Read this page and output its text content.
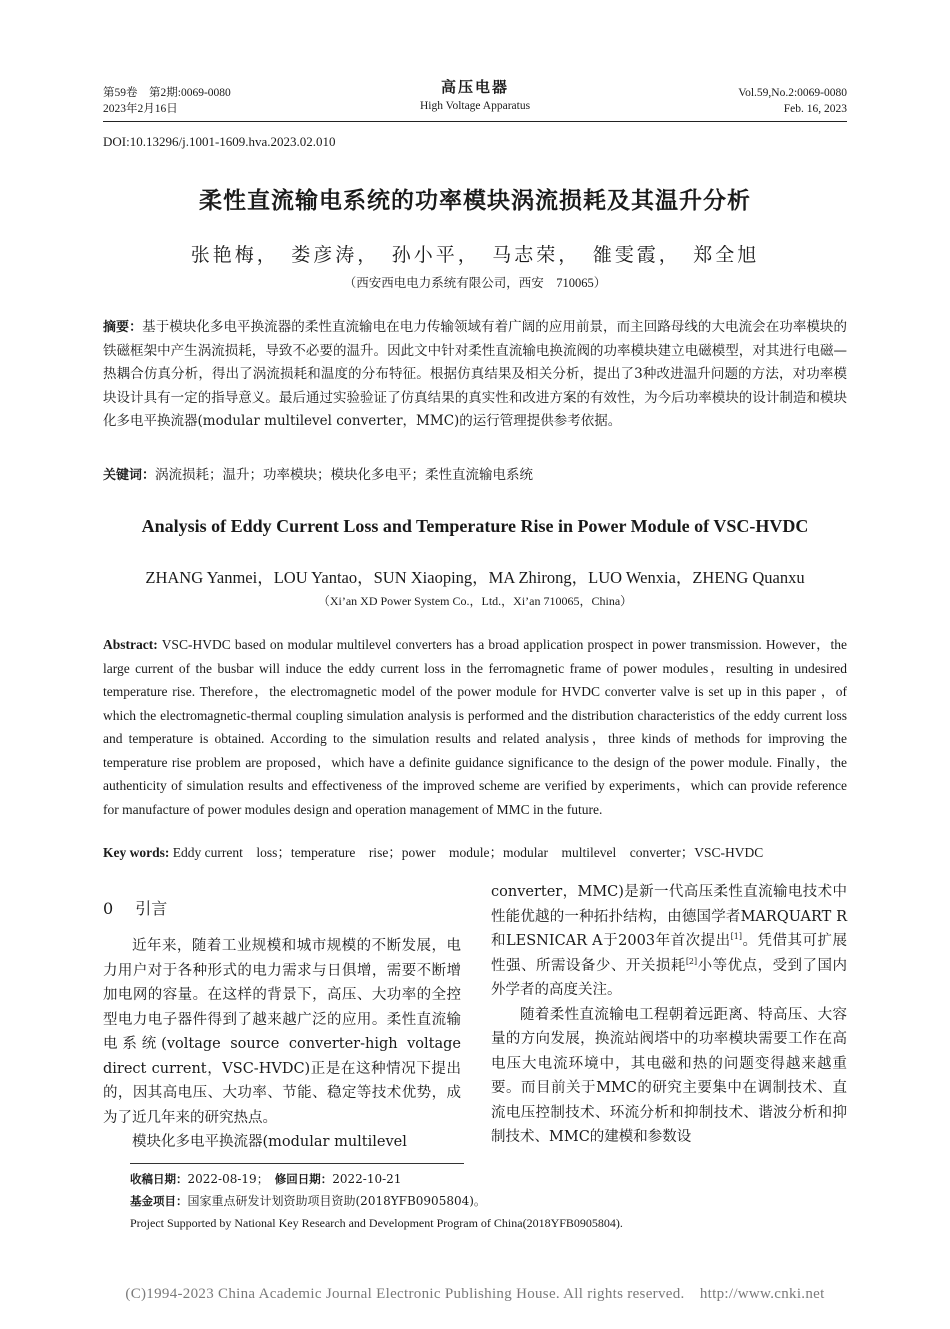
第59卷　第2期:0069-0080
2023年2月16日
高压电器
High Voltage Apparatus
Vol.59,No.2:0069-0080
Feb. 16, 2023
DOI:10.13296/j.1001-1609.hva.2023.02.010
柔性直流输电系统的功率模块涡流损耗及其温升分析
张艳梅，　娄彦涛，　孙小平，　马志荣，　雒雯霞，　郑全旭
（西安西电电力系统有限公司，西安　710065）
摘要：基于模块化多电平换流器的柔性直流输电在电力传输领域有着广阔的应用前景，而主回路母线的大电流会在功率模块的铁磁框架中产生涡流损耗，导致不必要的温升。因此文中针对柔性直流输电换流阀的功率模块建立电磁模型，对其进行电磁—热耦合仿真分析，得出了涡流损耗和温度的分布特征。根据仿真结果及相关分析，提出了3种改进温升问题的方法，对功率模块设计具有一定的指导意义。最后通过实验验证了仿真结果的真实性和改进方案的有效性，为今后功率模块的设计制造和模块化多电平换流器(modular multilevel converter，MMC)的运行管理提供参考依据。
关键词：涡流损耗；温升；功率模块；模块化多电平；柔性直流输电系统
Analysis of Eddy Current Loss and Temperature Rise in Power Module of VSC-HVDC
ZHANG Yanmei，LOU Yantao，SUN Xiaoping，MA Zhirong，LUO Wenxia，ZHENG Quanxu
（Xi’an XD Power System Co.，Ltd.，Xi’an 710065，China）
Abstract: VSC-HVDC based on modular multilevel converters has a broad application prospect in power transmission. However，the large current of the busbar will induce the eddy current loss in the ferromagnetic frame of power modules，resulting in undesired temperature rise. Therefore，the electromagnetic model of the power module for HVDC converter valve is set up in this paper ，of which the electromagnetic-thermal coupling simulation analysis is performed and the distribution characteristics of the eddy current loss and temperature is obtained. According to the simulation results and related analysis，three kinds of methods for improving the temperature rise problem are proposed，which have a definite guidance significance to the design of the power module. Finally，the authenticity of simulation results and effectiveness of the improved scheme are verified by experiments，which can provide reference for manufacture of power modules design and operation management of MMC in the future.
Key words: Eddy current　loss；temperature　rise；power　module；modular　multilevel　converter；VSC-HVDC
0 引言

近年来，随着工业规模和城市规模的不断发展，电力用户对于各种形式的电力需求与日俱增，需要不断增加电网的容量。在这样的背景下，高压、大功率的全控型电力电子器件得到了越来越广泛的应用。柔性直流输电系统(voltage source converter-high voltage direct current，VSC-HVDC)正是在这种情况下提出的，因其高电压、大功率、节能、稳定等技术优势，成为了近几年来的研究热点。

模块化多电平换流器(modular multilevel

converter，MMC)是新一代高压柔性直流输电技术中性能优越的一种拓扑结构，由德国学者MARQUART R和LESNICAR A于2003年首次提出[1]。凭借其可扩展性强、所需设备少、开关损耗[2]小等优点，受到了国内外学者的高度关注。

随着柔性直流输电工程朝着远距离、特高压、大容量的方向发展，换流站阀塔中的功率模块需要工作在高电压大电流环境中，其电磁和热的问题变得越来越重要。而目前关于MMC的研究主要集中在调制技术、直流电压控制技术、环流分析和抑制技术、谐波分析和抑制技术、MMC的建模和参数设

收稿日期：2022-08-19；　 修回日期：2022-10-21
基金项目：国家重点研发计划资助项目资助(2018YFB0905804)。
Project Supported by National Key Research and Development Program of China(2018YFB0905804).
(C)1994-2023 China Academic Journal Electronic Publishing House. All rights reserved.　http://www.cnki.net
